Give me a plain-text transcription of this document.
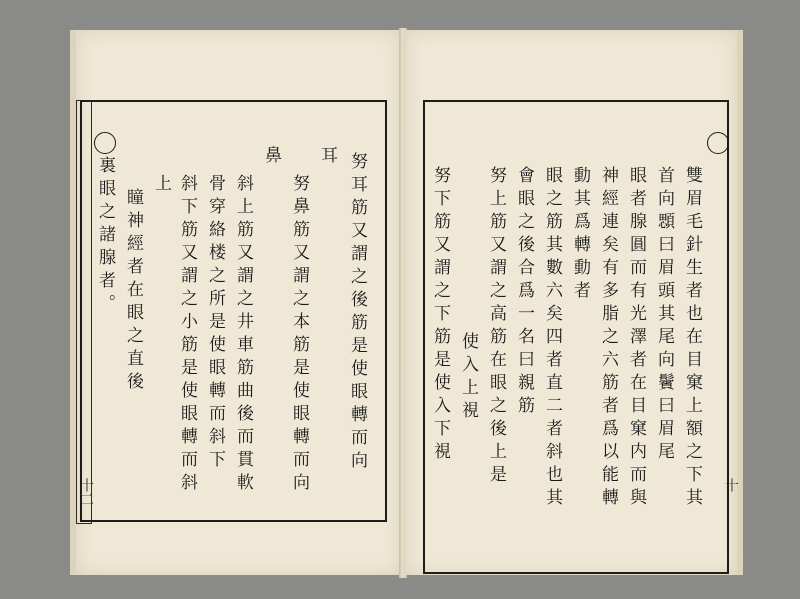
十二
裏眼之諸腺者。 瞳神經者在眼之直後
上 斜下筋又謂之小筋是使眼轉而斜 骨穿絡楼之所是使眼轉而斜下 斜上筋又謂之井車筋曲後而貫軟
鼻
努鼻筋又謂之本筋是使眼轉而向
耳 努耳筋又謂之後筋是使眼轉而向
十
努下筋又謂之下筋是使入下視 使入上視 努上筋又謂之高筋在眼之後上是 會眼之後合爲一名曰親筋 眼之筋其數六矣四者直二者斜也其 動其爲轉動者 神經連矣有多脂之六筋者爲以能轉 眼者腺圓而有光澤者在目窠内而與 首向顋曰眉頭其尾向鬢曰眉尾 雙眉毛針生者也在目窠上額之下其
